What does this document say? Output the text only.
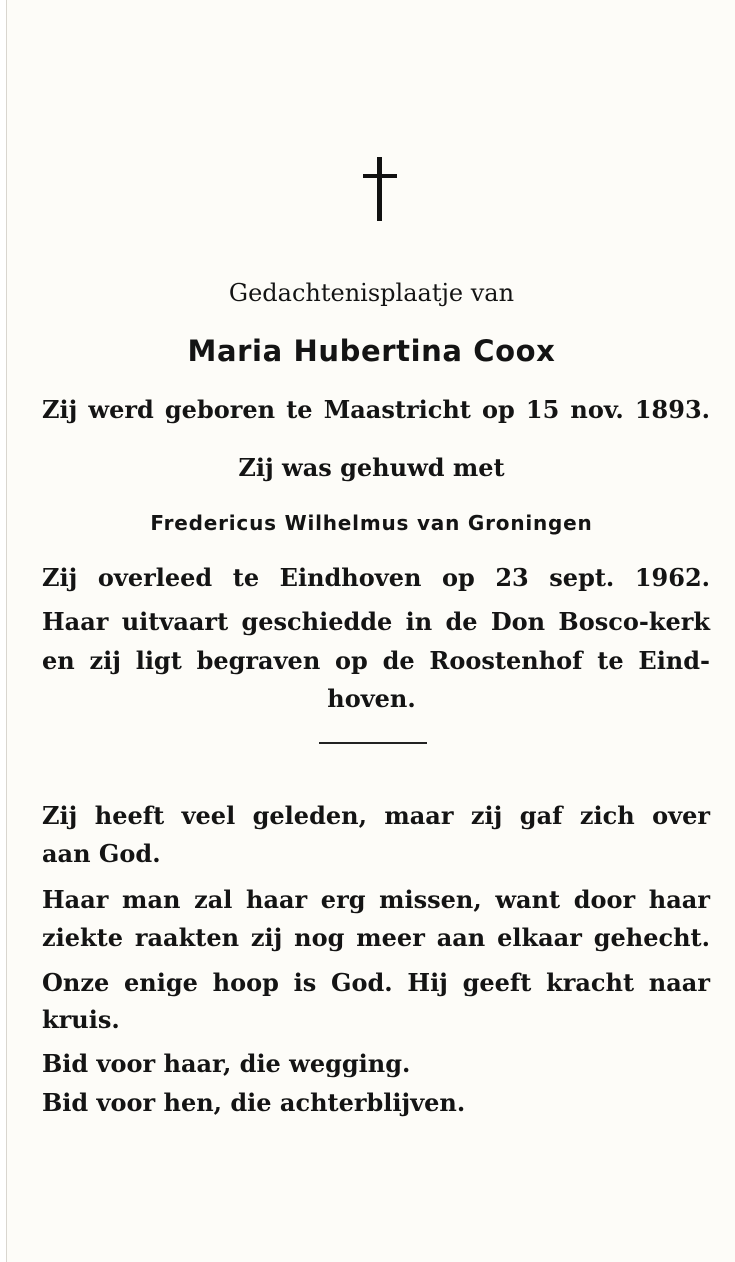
Gedachtenisplaatje van
Maria Hubertina Coox
Zij werd geboren te Maastricht op 15 nov. 1893.
Zij was gehuwd met
Fredericus Wilhelmus van Groningen
Zij overleed te Eindhoven op 23 sept. 1962.
Haar uitvaart geschiedde in de Don Bosco-kerk
en zij ligt begraven op de Roostenhof te Eind-
hoven.
Zij heeft veel geleden, maar zij gaf zich over
aan God.
Haar man zal haar erg missen, want door haar
ziekte raakten zij nog meer aan elkaar gehecht.
Onze enige hoop is God. Hij geeft kracht naar
kruis.
Bid voor haar, die wegging.
Bid voor hen, die achterblijven.
